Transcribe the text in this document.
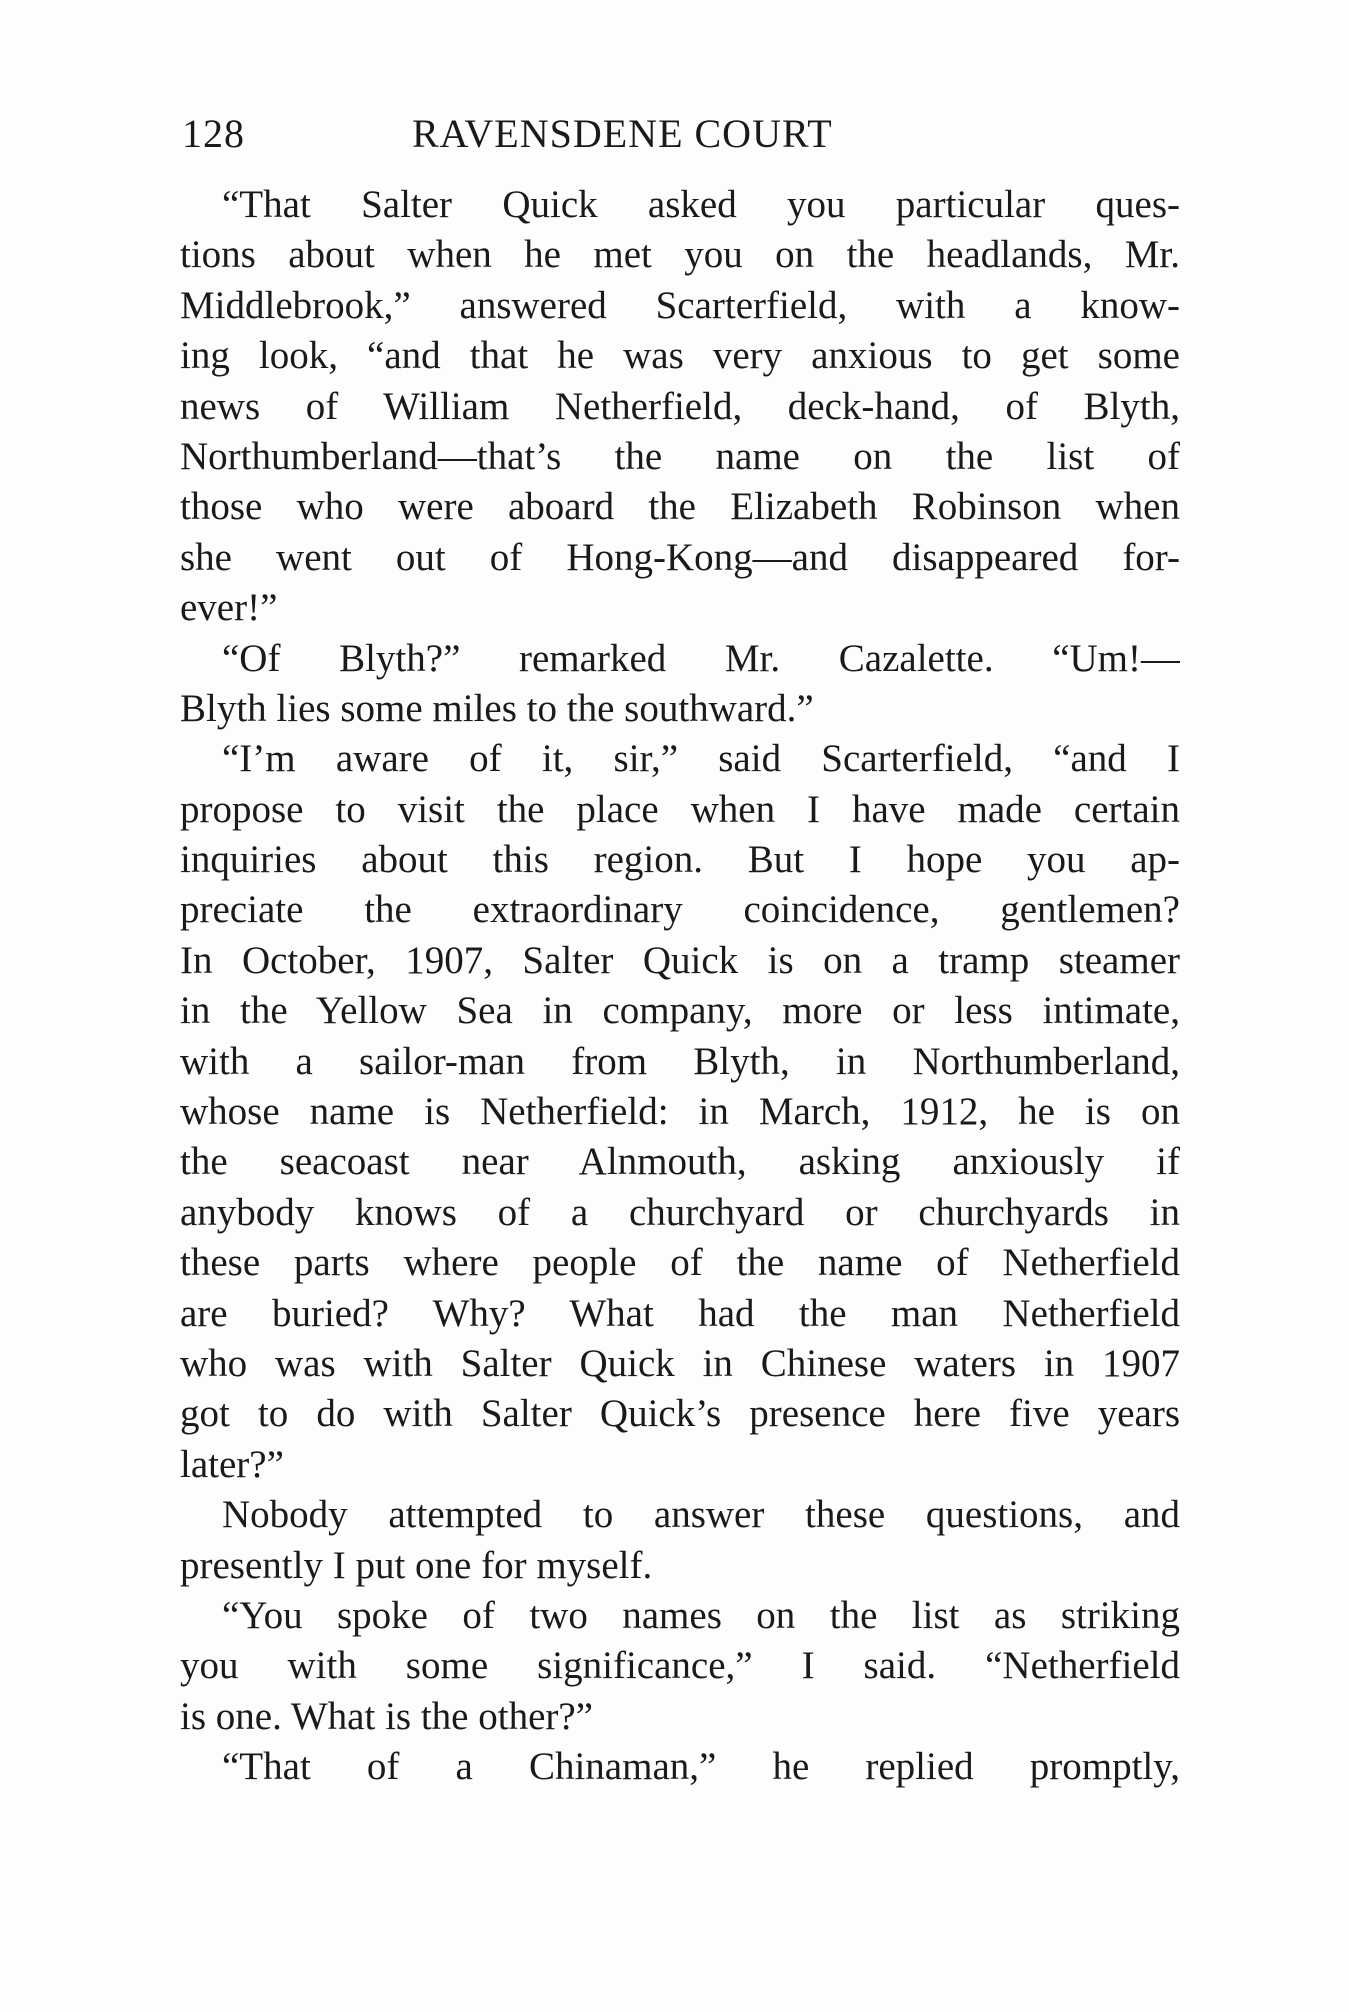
128	RAVENSDENE COURT
“That Salter Quick asked you particular ques-
tions about when he met you on the headlands, Mr.
Middlebrook,” answered Scarterfield, with a know-
ing look, “and that he was very anxious to get some
news of William Netherfield, deck-hand, of Blyth,
Northumberland—that’s the name on the list of
those who were aboard the Elizabeth Robinson when
she went out of Hong-Kong—and disappeared for-
ever!”
“Of Blyth?” remarked Mr. Cazalette. “Um!—
Blyth lies some miles to the southward.”
“I’m aware of it, sir,” said Scarterfield, “and I
propose to visit the place when I have made certain
inquiries about this region. But I hope you ap-
preciate the extraordinary coincidence, gentlemen?
In October, 1907, Salter Quick is on a tramp steamer
in the Yellow Sea in company, more or less intimate,
with a sailor-man from Blyth, in Northumberland,
whose name is Netherfield: in March, 1912, he is on
the seacoast near Alnmouth, asking anxiously if
anybody knows of a churchyard or churchyards in
these parts where people of the name of Netherfield
are buried? Why? What had the man Netherfield
who was with Salter Quick in Chinese waters in 1907
got to do with Salter Quick’s presence here five years
later?”
Nobody attempted to answer these questions, and
presently I put one for myself.
“You spoke of two names on the list as striking
you with some significance,” I said. “Netherfield
is one. What is the other?”
“That of a Chinaman,” he replied promptly,
